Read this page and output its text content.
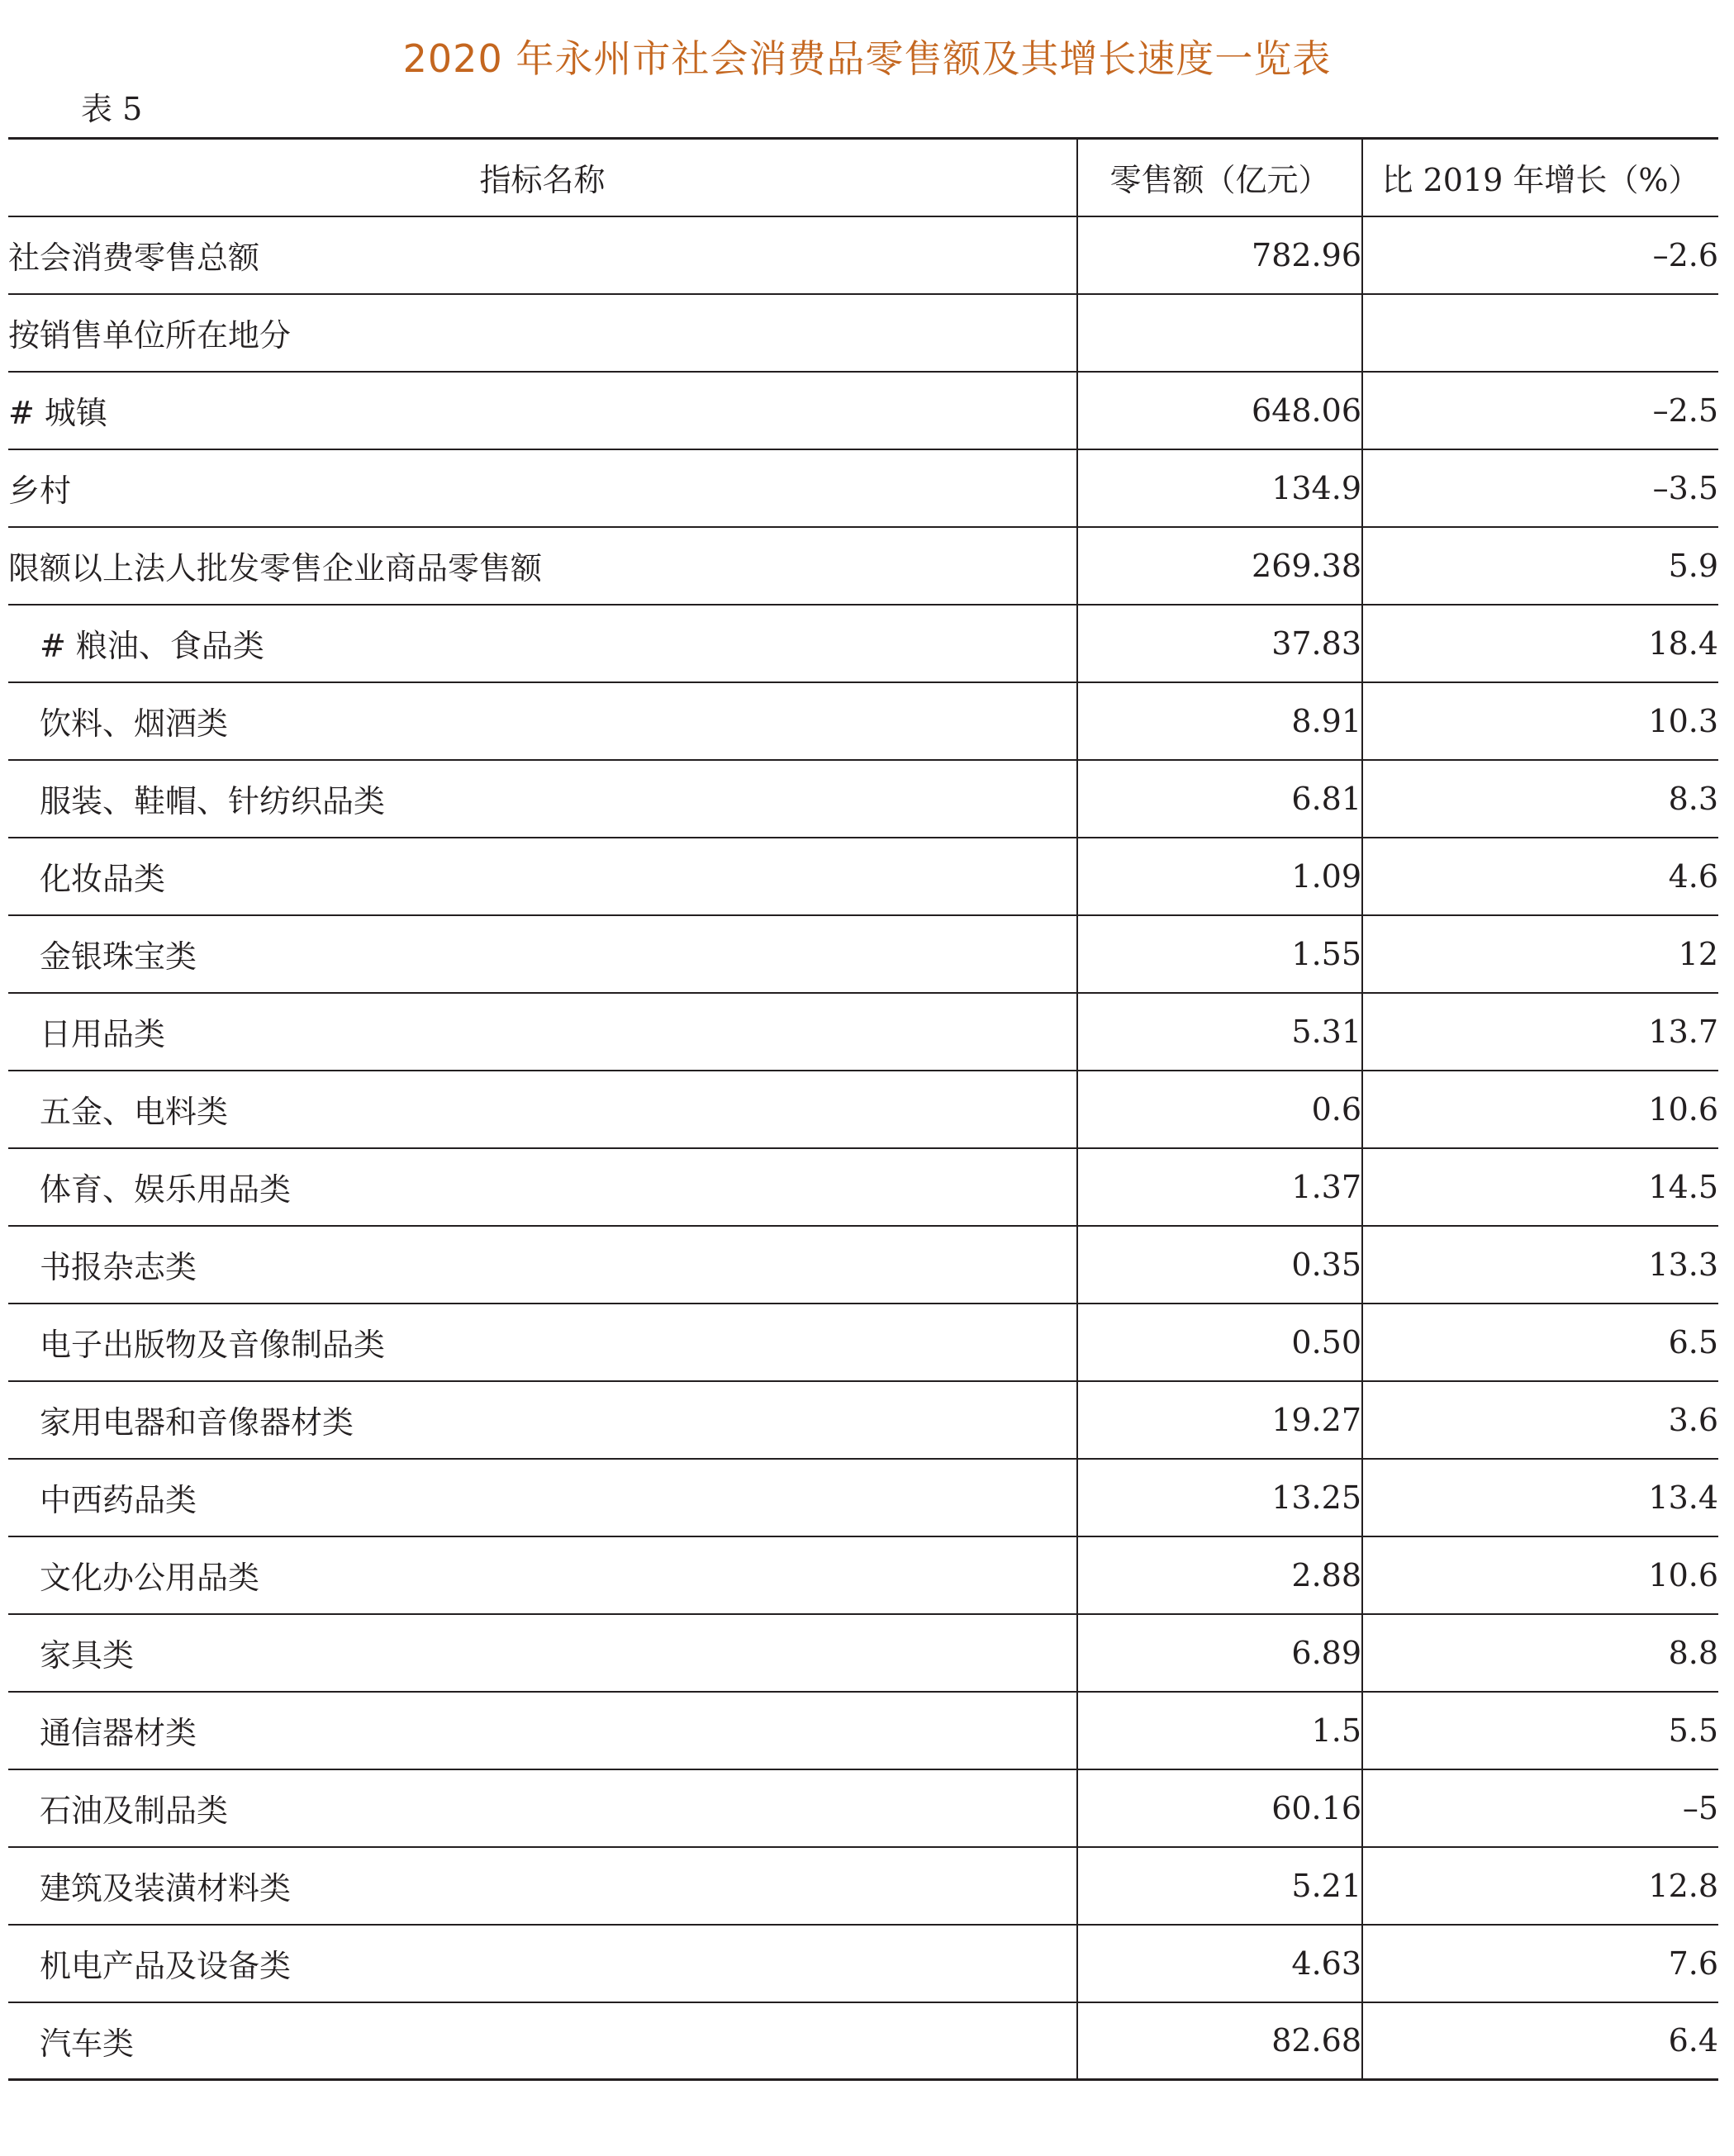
2020 年永州市社会消费品零售额及其增长速度一览表
表 5
指标名称	零售额（亿元）	比 2019 年增长（%）
社会消费零售总额	782.96	–2.6
按销售单位所在地分		
# 城镇	648.06	–2.5
乡村	134.9	–3.5
限额以上法人批发零售企业商品零售额	269.38	5.9
# 粮油、食品类	37.83	18.4
饮料、烟酒类	8.91	10.3
服装、鞋帽、针纺织品类	6.81	8.3
化妆品类	1.09	4.6
金银珠宝类	1.55	12
日用品类	5.31	13.7
五金、电料类	0.6	10.6
体育、娱乐用品类	1.37	14.5
书报杂志类	0.35	13.3
电子出版物及音像制品类	0.50	6.5
家用电器和音像器材类	19.27	3.6
中西药品类	13.25	13.4
文化办公用品类	2.88	10.6
家具类	6.89	8.8
通信器材类	1.5	5.5
石油及制品类	60.16	–5
建筑及装潢材料类	5.21	12.8
机电产品及设备类	4.63	7.6
汽车类	82.68	6.4
